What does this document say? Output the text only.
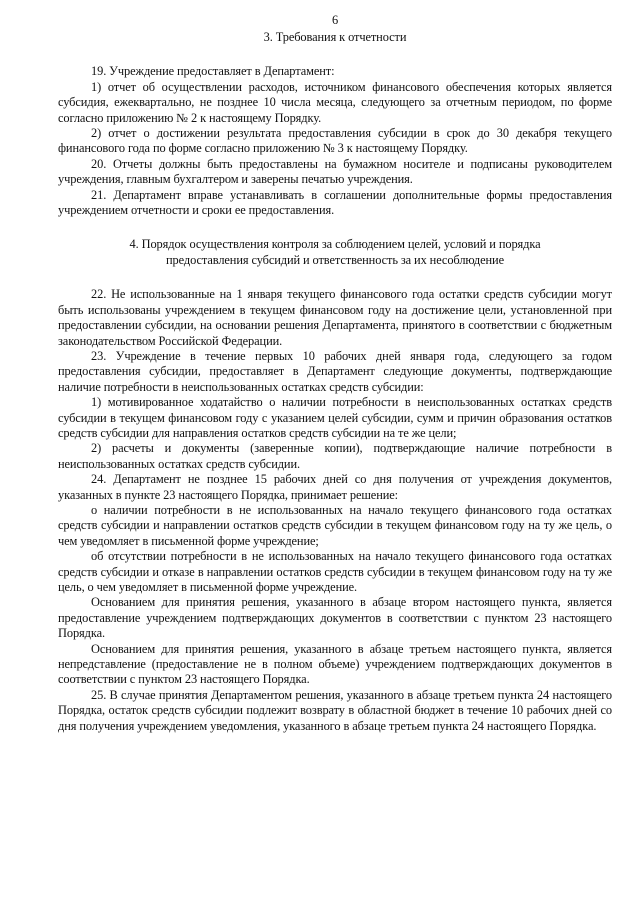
6
3. Требования к отчетности

19. Учреждение предоставляет в Департамент:

1) отчет об осуществлении расходов, источником финансового обеспечения которых является субсидия, ежеквартально, не позднее 10 числа месяца, следующего за отчетным периодом, по форме согласно приложению № 2 к настоящему Порядку.

2) отчет о достижении результата предоставления субсидии в срок до 30 декабря текущего финансового года по форме согласно приложению № 3 к настоящему Порядку.

20. Отчеты должны быть предоставлены на бумажном носителе и подписаны руководителем учреждения, главным бухгалтером и заверены печатью учреждения.

21. Департамент вправе устанавливать в соглашении дополнительные формы предоставления учреждением отчетности и сроки ее предоставления.

4. Порядок осуществления контроля за соблюдением целей, условий и порядка
предоставления субсидий и ответственность за их несоблюдение

22. Не использованные на 1 января текущего финансового года остатки средств субсидии могут быть использованы учреждением в текущем финансовом году на достижение цели, установленной при предоставлении субсидии, на основании решения Департамента, принятого в соответствии с бюджетным законодательством Российской Федерации.

23. Учреждение в течение первых 10 рабочих дней января года, следующего за годом предоставления субсидии, предоставляет в Департамент следующие документы, подтверждающие наличие потребности в неиспользованных остатках средств субсидии:

1) мотивированное ходатайство о наличии потребности в неиспользованных остатках средств субсидии в текущем финансовом году с указанием целей субсидии, сумм и причин образования остатков средств субсидии для направления остатков средств субсидии на те же цели;

2) расчеты и документы (заверенные копии), подтверждающие наличие потребности в неиспользованных остатках средств субсидии.

24. Департамент не позднее 15 рабочих дней со дня получения от учреждения документов, указанных в пункте 23 настоящего Порядка, принимает решение:

о наличии потребности в не использованных на начало текущего финансового года остатках средств субсидии и направлении остатков средств субсидии в текущем финансовом году на ту же цель, о чем уведомляет в письменной форме учреждение;

об отсутствии потребности в не использованных на начало текущего финансового года остатках средств субсидии и отказе в направлении остатков средств субсидии в текущем финансовом году на ту же цель, о чем уведомляет в письменной форме учреждение.

Основанием для принятия решения, указанного в абзаце втором настоящего пункта, является предоставление учреждением подтверждающих документов в соответствии с пунктом 23 настоящего Порядка.

Основанием для принятия решения, указанного в абзаце третьем настоящего пункта, является непредставление (предоставление не в полном объеме) учреждением подтверждающих документов в соответствии с пунктом 23 настоящего Порядка.

25. В случае принятия Департаментом решения, указанного в абзаце третьем пункта 24 настоящего Порядка, остаток средств субсидии подлежит возврату в областной бюджет в течение 10 рабочих дней со дня получения учреждением уведомления, указанного в абзаце третьем пункта 24 настоящего Порядка.
